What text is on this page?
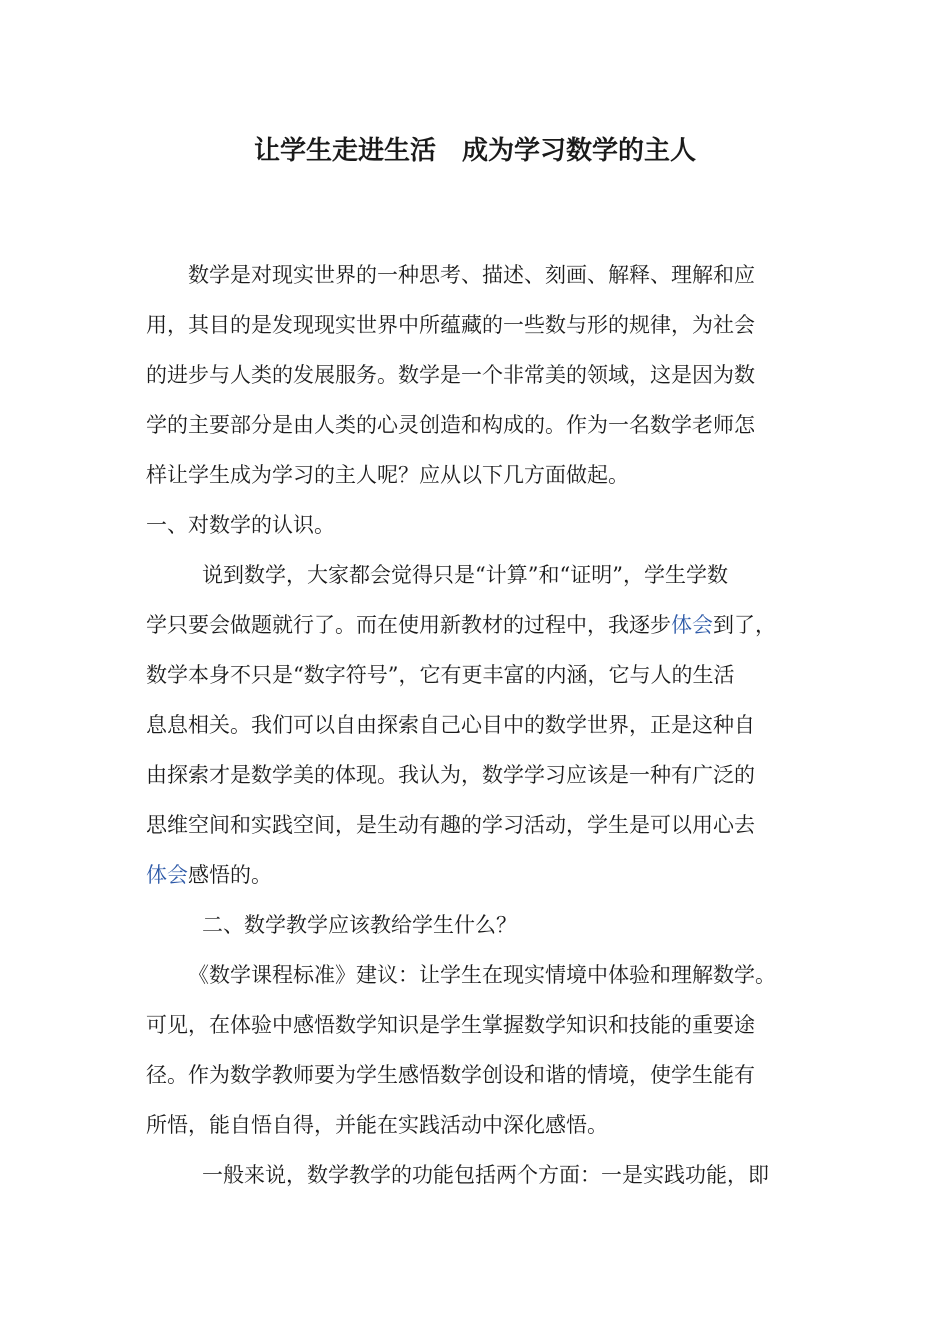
让学生走进生活　成为学习数学的主人
数学是对现实世界的一种思考、描述、刻画、解释、理解和应
用，其目的是发现现实世界中所蕴藏的一些数与形的规律，为社会
的进步与人类的发展服务。数学是一个非常美的领域，这是因为数
学的主要部分是由人类的心灵创造和构成的。作为一名数学老师怎
样让学生成为学习的主人呢？应从以下几方面做起。
一、对数学的认识。
说到数学，大家都会觉得只是“计算”和“证明”，学生学数
学只要会做题就行了。而在使用新教材的过程中，我逐步体会到了，
数学本身不只是“数字符号”，它有更丰富的内涵，它与人的生活
息息相关。我们可以自由探索自己心目中的数学世界，正是这种自
由探索才是数学美的体现。我认为，数学学习应该是一种有广泛的
思维空间和实践空间，是生动有趣的学习活动，学生是可以用心去
体会感悟的。
二、数学教学应该教给学生什么？
《数学课程标准》建议：让学生在现实情境中体验和理解数学。
可见，在体验中感悟数学知识是学生掌握数学知识和技能的重要途
径。作为数学教师要为学生感悟数学创设和谐的情境，使学生能有
所悟，能自悟自得，并能在实践活动中深化感悟。
一般来说，数学教学的功能包括两个方面：一是实践功能，即
